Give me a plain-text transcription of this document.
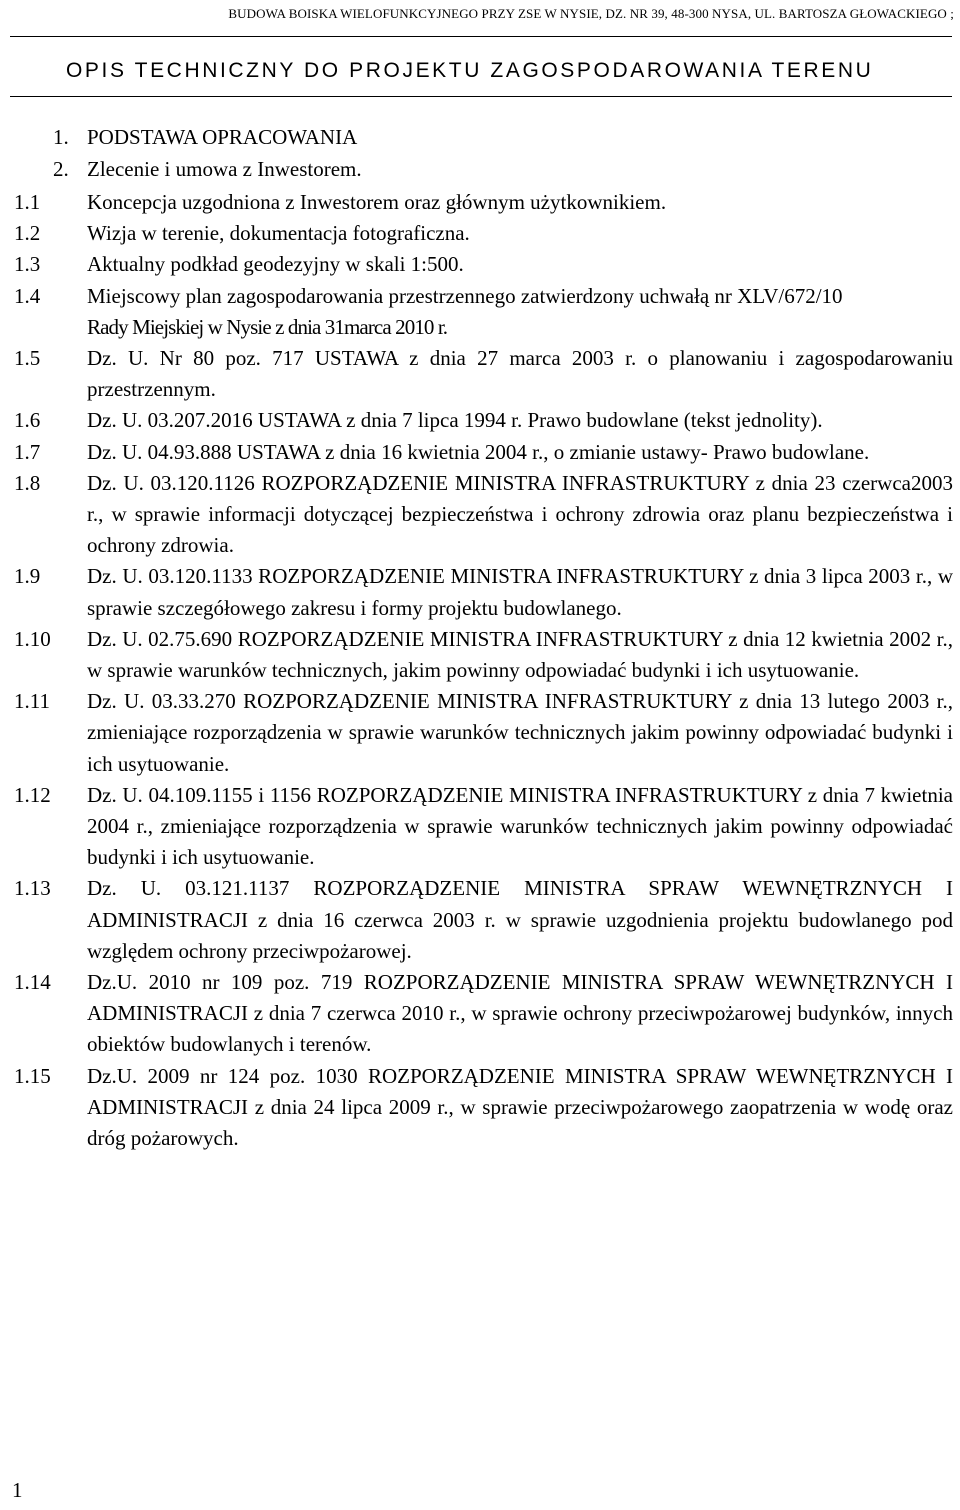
BUDOWA BOISKA WIELOFUNKCYJNEGO PRZY ZSE W NYSIE, DZ. NR 39, 48-300 NYSA, UL. BARTOSZA GŁOWACKIEGO ;
OPIS TECHNICZNY DO PROJEKTU ZAGOSPODAROWANIA TERENU
1. PODSTAWA OPRACOWANIA
2. Zlecenie i umowa z Inwestorem.
1.1 Koncepcja uzgodniona z Inwestorem oraz głównym użytkownikiem.
1.2 Wizja w terenie, dokumentacja fotograficzna.
1.3 Aktualny podkład geodezyjny w skali 1:500.
1.4 Miejscowy plan zagospodarowania przestrzennego zatwierdzony uchwałą nr XLV/672/10
Rady Miejskiej w Nysie z dnia 31marca 2010 r.
1.5 Dz. U. Nr 80 poz. 717 USTAWA z dnia 27 marca 2003 r. o planowaniu i zagospodarowaniu przestrzennym.
1.6 Dz. U. 03.207.2016 USTAWA z dnia 7 lipca 1994 r. Prawo budowlane (tekst jednolity).
1.7 Dz. U. 04.93.888 USTAWA z dnia 16 kwietnia 2004 r., o zmianie ustawy- Prawo budowlane.
1.8 Dz. U. 03.120.1126 ROZPORZĄDZENIE MINISTRA INFRASTRUKTURY z dnia 23 czerwca2003 r., w sprawie informacji dotyczącej bezpieczeństwa i ochrony zdrowia oraz planu bezpieczeństwa i ochrony zdrowia.
1.9 Dz. U. 03.120.1133 ROZPORZĄDZENIE MINISTRA INFRASTRUKTURY z dnia 3 lipca 2003 r., w sprawie szczegółowego zakresu i formy projektu budowlanego.
1.10 Dz. U. 02.75.690 ROZPORZĄDZENIE MINISTRA INFRASTRUKTURY z dnia 12 kwietnia 2002 r., w sprawie warunków technicznych, jakim powinny odpowiadać budynki i ich usytuowanie.
1.11 Dz. U. 03.33.270 ROZPORZĄDZENIE MINISTRA INFRASTRUKTURY z dnia 13 lutego 2003 r., zmieniające rozporządzenia w sprawie warunków technicznych jakim powinny odpowiadać budynki i ich usytuowanie.
1.12 Dz. U. 04.109.1155 i 1156 ROZPORZĄDZENIE MINISTRA INFRASTRUKTURY z dnia 7 kwietnia 2004 r., zmieniające rozporządzenia w sprawie warunków technicznych jakim powinny odpowiadać budynki i ich usytuowanie.
1.13 Dz. U. 03.121.1137 ROZPORZĄDZENIE MINISTRA SPRAW WEWNĘTRZNYCH I ADMINISTRACJI z dnia 16 czerwca 2003 r. w sprawie uzgodnienia projektu budowlanego pod względem ochrony przeciwpożarowej.
1.14 Dz.U. 2010 nr 109 poz. 719 ROZPORZĄDZENIE MINISTRA SPRAW WEWNĘTRZNYCH I ADMINISTRACJI z dnia 7 czerwca 2010 r., w sprawie ochrony przeciwpożarowej budynków, innych obiektów budowlanych i terenów.
1.15 Dz.U. 2009 nr 124 poz. 1030 ROZPORZĄDZENIE MINISTRA SPRAW WEWNĘTRZNYCH I ADMINISTRACJI z dnia 24 lipca 2009 r., w sprawie przeciwpożarowego zaopatrzenia w wodę oraz dróg pożarowych.
1
